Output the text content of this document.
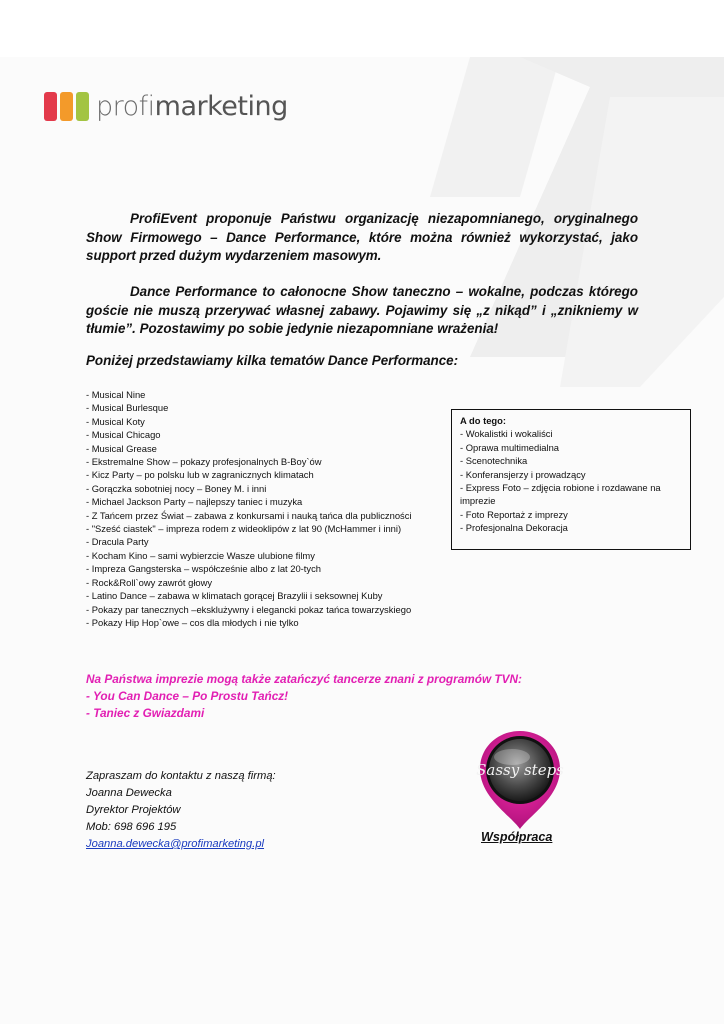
profimarketing
ProfiEvent proponuje Państwu organizację niezapomnianego, oryginalnego Show Firmowego – Dance Performance, które można również wykorzystać, jako support przed dużym wydarzeniem masowym.
Dance Performance to całonocne Show taneczno – wokalne, podczas którego goście nie muszą przerywać własnej zabawy. Pojawimy się „z nikąd” i „znikniemy w tłumie”. Pozostawimy po sobie jedynie niezapomniane wrażenia!
Poniżej przedstawiamy kilka tematów Dance Performance:
- Musical Nine
- Musical Burlesque
- Musical Koty
- Musical Chicago
- Musical Grease
- Ekstremalne Show – pokazy profesjonalnych B-Boy`ów
- Kicz Party – po polsku lub w zagranicznych klimatach
- Gorączka sobotniej nocy – Boney M. i inni
- Michael Jackson Party – najlepszy taniec i muzyka
- Z Tańcem przez Świat – zabawa z konkursami i nauką tańca dla publiczności
- "Sześć ciastek" – impreza rodem z wideoklipów z lat 90 (McHammer i inni)
- Dracula Party
- Kocham Kino – sami wybierzcie Wasze ulubione filmy
- Impreza Gangsterska – współcześnie albo z lat 20-tych
- Rock&Roll`owy zawrót głowy
- Latino Dance – zabawa w klimatach gorącej Brazylii i seksownej Kuby
- Pokazy par tanecznych –eksklużywny i elegancki pokaz tańca towarzyskiego
- Pokazy Hip Hop`owe – cos dla młodych i nie tylko
A do tego:
- Wokalistki i wokaliści
- Oprawa multimedialna
- Scenotechnika
- Konferansjerzy i prowadzący
- Express Foto – zdjęcia robione i rozdawane na imprezie
- Foto Reportaż z imprezy
- Profesjonalna Dekoracja
Na Państwa imprezie mogą także zatańczyć tancerze znani z programów TVN:
- You Can Dance – Po Prostu Tańcz!
- Taniec z Gwiazdami
Zapraszam do kontaktu z naszą firmą:
Joanna Dewecka
Dyrektor Projektów
Mob: 698 696 195
Joanna.dewecka@profimarketing.pl
Sassy steps
Współpraca
